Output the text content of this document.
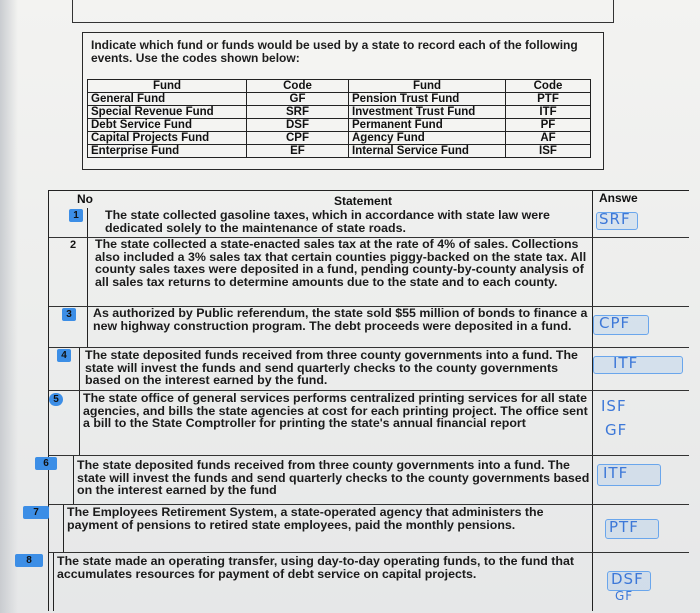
Indicate which fund or funds would be used by a state to record each of the following events. Use the codes shown below:
Fund	Code	Fund	Code
General Fund	GF	Pension Trust Fund	PTF
Special Revenue Fund	SRF	Investment Trust Fund	ITF
Debt Service Fund	DSF	Permanent Fund	PF
Capital Projects Fund	CPF	Agency Fund	AF
Enterprise Fund	EF	Internal Service Fund	ISF
No	Statement	Answe
1	The state collected gasoline taxes, which in accordance with state law were dedicated solely to the maintenance of state roads.	SRF
2 The state collected a state-enacted sales tax at the rate of 4% of sales. Collections also included a 3% sales tax that certain counties piggy-backed on the state tax. All county sales taxes were deposited in a fund, pending county-by-county analysis of all sales tax returns to determine amounts due to the state and to each county.
3	As authorized by Public referendum, the state sold $55 million of bonds to finance a new highway construction program. The debt proceeds were deposited in a fund.	CPF
4	The state deposited funds received from three county governments into a fund. The state will invest the funds and send quarterly checks to the county governments based on the interest earned by the fund.
ITF
5	The state office of general services performs centralized printing services for all state agencies, and bills the state agencies at cost for each printing project. The office sent a bill to the State Comptroller for printing the state's annual financial report
ISF
GF
6	The state deposited funds received from three county governments into a fund. The state will invest the funds and send quarterly checks to the county governments based on the interest earned by the fund
ITF
7	The Employees Retirement System, a state-operated agency that administers the payment of pensions to retired state employees, paid the monthly pensions.	PTF
8	The state made an operating transfer, using day-to-day operating funds, to the fund that accumulates resources for payment of debt service on capital projects.	DSF
GF
